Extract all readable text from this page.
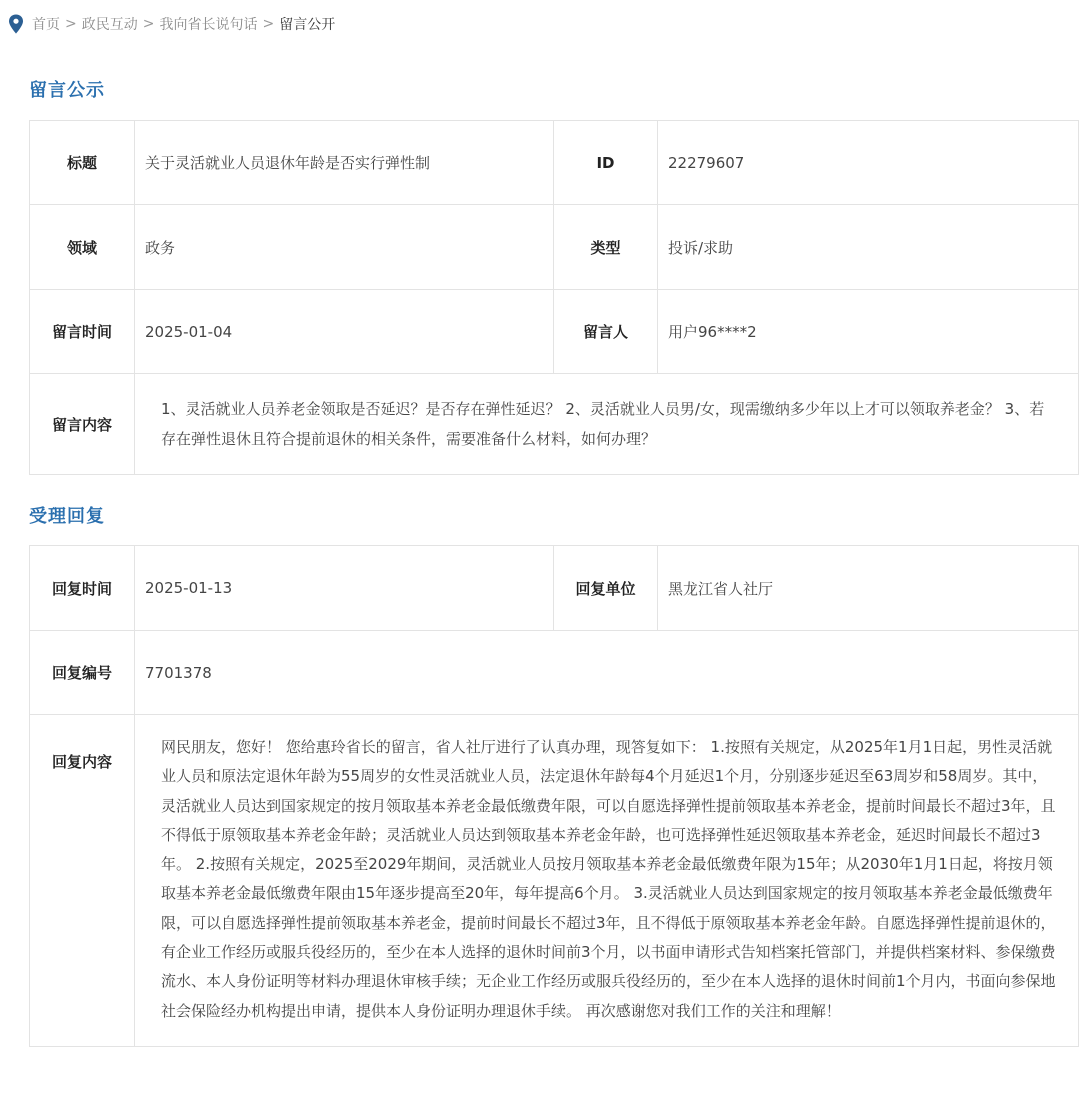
首页 > 政民互动 > 我向省长说句话 > 留言公开
留言公示
标题	关于灵活就业人员退休年龄是否实行弹性制	ID	22279607
领域	政务	类型	投诉/求助
留言时间	2025-01-04	留言人	用户96****2
留言内容	1、灵活就业人员养老金领取是否延迟？是否存在弹性延迟？ 2、灵活就业人员男/女，现需缴纳多少年以上才可以领取养老金？ 3、若存在弹性退休且符合提前退休的相关条件，需要准备什么材料，如何办理？		
受理回复
回复时间	2025-01-13	回复单位	黑龙江省人社厅
回复编号	7701378		
回复内容	网民朋友，您好！ 您给惠玲省长的留言，省人社厅进行了认真办理，现答复如下： 1.按照有关规定，从2025年1月1日起，男性灵活就业人员和原法定退休年龄为55周岁的女性灵活就业人员，法定退休年龄每4个月延迟1个月，分别逐步延迟至63周岁和58周岁。其中，灵活就业人员达到国家规定的按月领取基本养老金最低缴费年限，可以自愿选择弹性提前领取基本养老金，提前时间最长不超过3年，且不得低于原领取基本养老金年龄；灵活就业人员达到领取基本养老金年龄，也可选择弹性延迟领取基本养老金，延迟时间最长不超过3年。 2.按照有关规定，2025至2029年期间，灵活就业人员按月领取基本养老金最低缴费年限为15年；从2030年1月1日起，将按月领取基本养老金最低缴费年限由15年逐步提高至20年，每年提高6个月。 3.灵活就业人员达到国家规定的按月领取基本养老金最低缴费年限，可以自愿选择弹性提前领取基本养老金，提前时间最长不超过3年，且不得低于原领取基本养老金年龄。自愿选择弹性提前退休的，有企业工作经历或服兵役经历的，至少在本人选择的退休时间前3个月，以书面申请形式告知档案托管部门，并提供档案材料、参保缴费流水、本人身份证明等材料办理退休审核手续；无企业工作经历或服兵役经历的，至少在本人选择的退休时间前1个月内，书面向参保地社会保险经办机构提出申请，提供本人身份证明办理退休手续。 再次感谢您对我们工作的关注和理解！		
